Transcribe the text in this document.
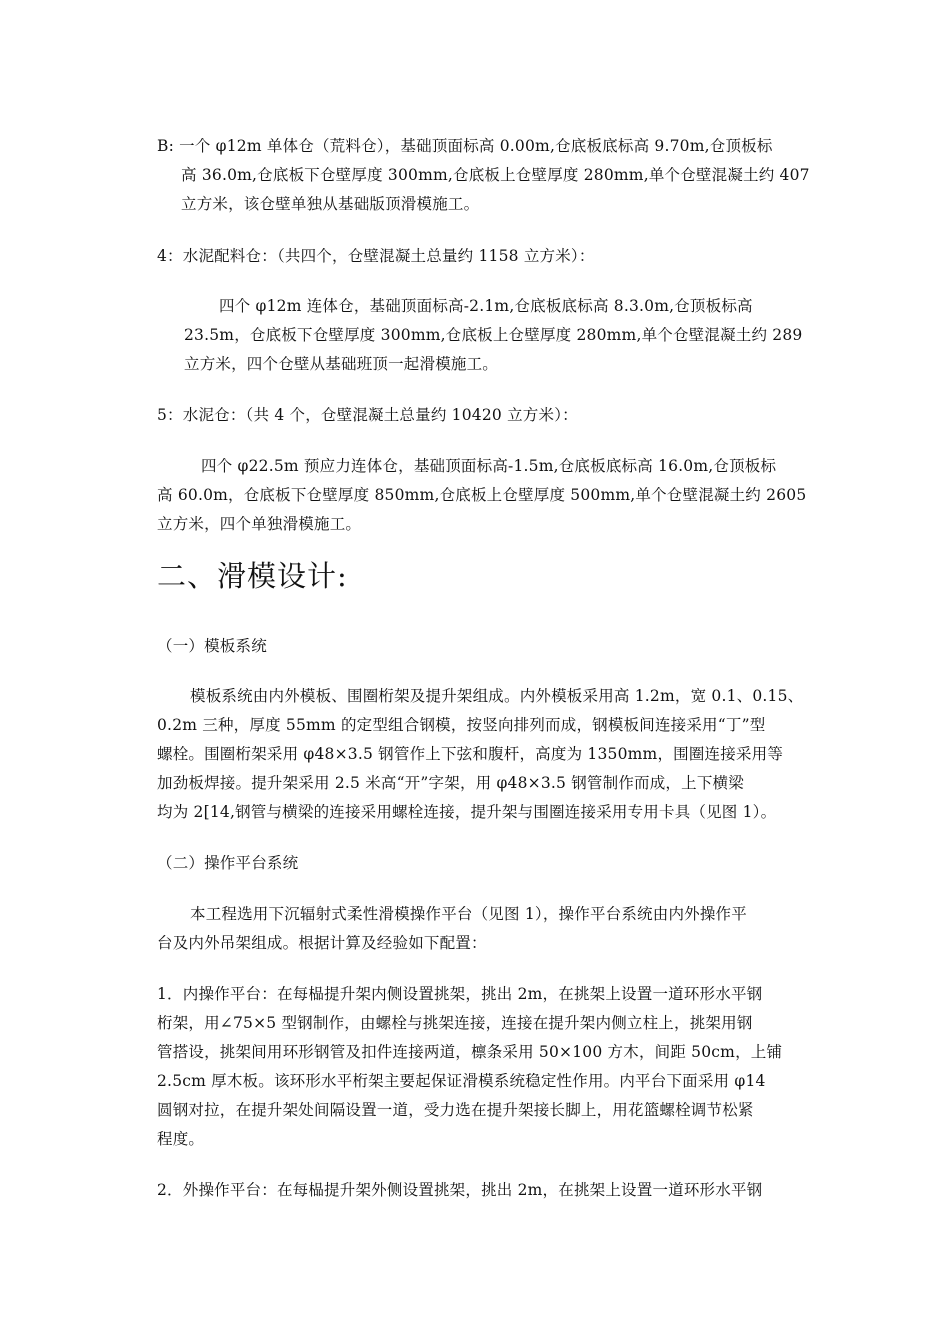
B: 一个 φ12m 单体仓（荒料仓），基础顶面标高 0.00m,仓底板底标高 9.70m,仓顶板标
高 36.0m,仓底板下仓壁厚度 300mm,仓底板上仓壁厚度 280mm,单个仓壁混凝土约 407
立方米，该仓壁单独从基础版顶滑模施工。
4：水泥配料仓：（共四个，仓壁混凝土总量约 1158 立方米）：
四个 φ12m 连体仓，基础顶面标高-2.1m,仓底板底标高 8.3.0m,仓顶板标高
23.5m，仓底板下仓壁厚度 300mm,仓底板上仓壁厚度 280mm,单个仓壁混凝土约 289
立方米，四个仓壁从基础班顶一起滑模施工。
5：水泥仓：（共 4 个，仓壁混凝土总量约 10420 立方米）：
四个 φ22.5m 预应力连体仓，基础顶面标高-1.5m,仓底板底标高 16.0m,仓顶板标
高 60.0m，仓底板下仓壁厚度 850mm,仓底板上仓壁厚度 500mm,单个仓壁混凝土约 2605
立方米，四个单独滑模施工。
二、滑模设计:
（一）模板系统
模板系统由内外模板、围圈桁架及提升架组成。内外模板采用高 1.2m，宽 0.1、0.15、
0.2m 三种，厚度 55mm 的定型组合钢模，按竖向排列而成，钢模板间连接采用“丁”型
螺栓。围圈桁架采用 φ48×3.5 钢管作上下弦和腹杆，高度为 1350mm，围圈连接采用等
加劲板焊接。提升架采用 2.5 米高“开”字架，用 φ48×3.5 钢管制作而成，上下横梁
均为 2[14,钢管与横梁的连接采用螺栓连接，提升架与围圈连接采用专用卡具（见图 1）。
（二）操作平台系统
本工程选用下沉辐射式柔性滑模操作平台（见图 1），操作平台系统由内外操作平
台及内外吊架组成。根据计算及经验如下配置：
1．内操作平台：在每榀提升架内侧设置挑架，挑出 2m，在挑架上设置一道环形水平钢
桁架，用∠75×5 型钢制作，由螺栓与挑架连接，连接在提升架内侧立柱上，挑架用钢
管搭设，挑架间用环形钢管及扣件连接两道，檩条采用 50×100 方木，间距 50cm，上铺
2.5cm 厚木板。该环形水平桁架主要起保证滑模系统稳定性作用。内平台下面采用 φ14
圆钢对拉，在提升架处间隔设置一道，受力选在提升架接长脚上，用花篮螺栓调节松紧
程度。
2．外操作平台：在每榀提升架外侧设置挑架，挑出 2m，在挑架上设置一道环形水平钢
